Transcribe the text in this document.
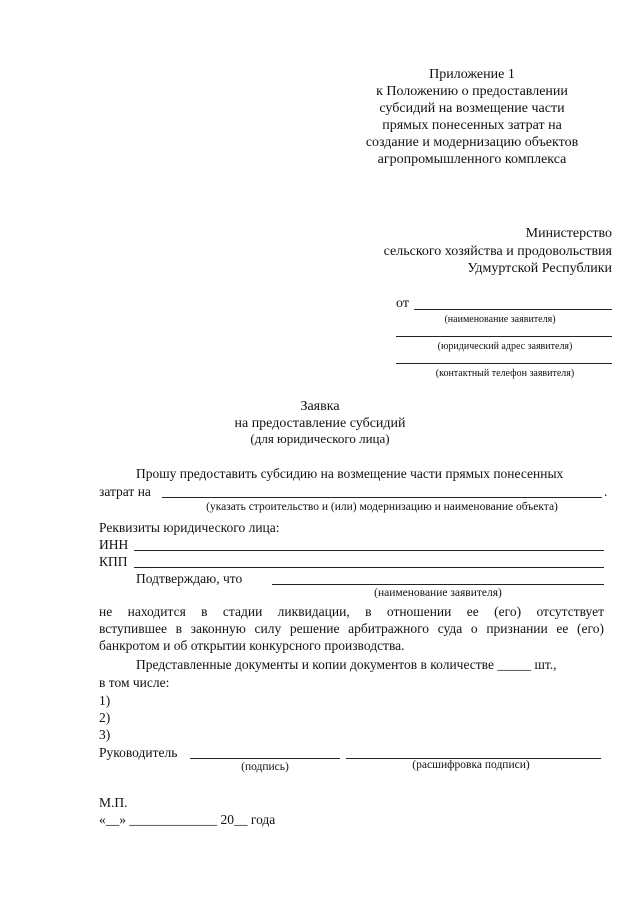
Приложение 1
к Положению о предоставлении
субсидий на возмещение части
прямых понесенных затрат на
создание и модернизацию объектов
агропромышленного комплекса
Министерство
сельского хозяйства и продовольствия
Удмуртской Республики
от
(наименование заявителя)
(юридический адрес заявителя)
(контактный телефон заявителя)
Заявка
на предоставление субсидий
(для юридического лица)
Прошу предоставить субсидию на возмещение части прямых понесенных
затрат на	.
(указать строительство и (или) модернизацию и наименование объекта)
Реквизиты юридического лица:
ИНН
КПП
Подтверждаю, что
(наименование заявителя)
не находится в стадии ликвидации, в отношении ее (его) отсутствует
вступившее в законную силу решение арбитражного суда о признании ее (его)
банкротом и об открытии конкурсного производства.
Представленные документы и копии документов в количестве _____ шт.,
в том числе:
1)
2)
3)
Руководитель
(подпись)	(расшифровка подписи)
М.П.
«__» _____________ 20__ года
